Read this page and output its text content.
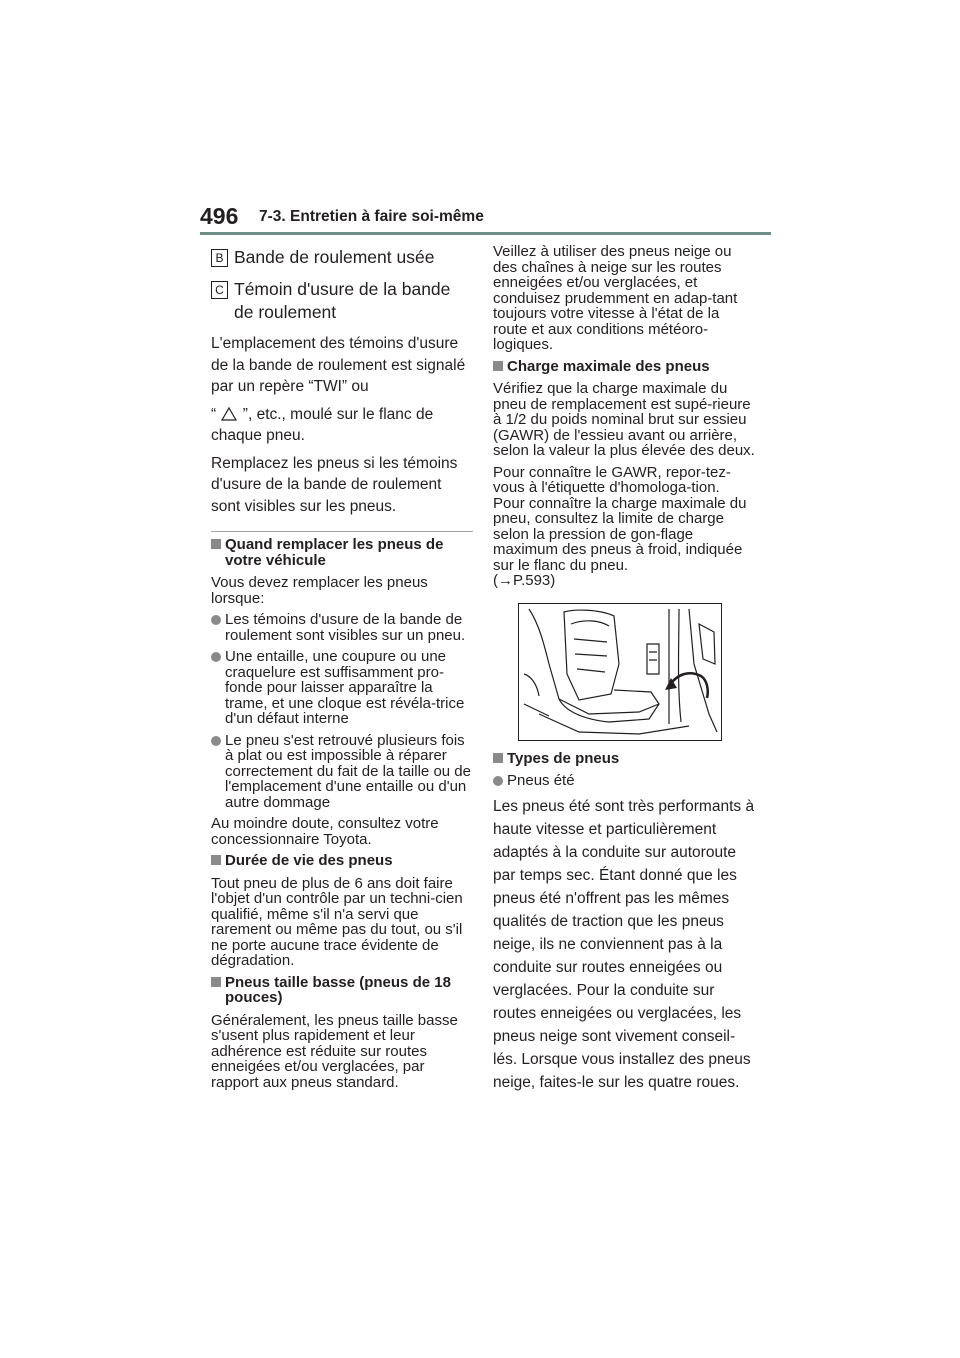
496 7-3. Entretien à faire soi-même
B Bande de roulement usée
C Témoin d'usure de la bande de roulement
L'emplacement des témoins d'usure de la bande de roulement est signalé par un repère “TWI” ou
“ ”, etc., moulé sur le flanc de chaque pneu.
Remplacez les pneus si les témoins d'usure de la bande de roulement sont visibles sur les pneus.
Quand remplacer les pneus de votre véhicule
Vous devez remplacer les pneus lorsque:
Les témoins d'usure de la bande de roulement sont visibles sur un pneu.
Une entaille, une coupure ou une craquelure est suffisamment pro-fonde pour laisser apparaître la trame, et une cloque est révéla-trice d'un défaut interne
Le pneu s'est retrouvé plusieurs fois à plat ou est impossible à réparer correctement du fait de la taille ou de l'emplacement d'une entaille ou d'un autre dommage
Au moindre doute, consultez votre concessionnaire Toyota.
Durée de vie des pneus
Tout pneu de plus de 6 ans doit faire l'objet d'un contrôle par un techni-cien qualifié, même s'il n'a servi que rarement ou même pas du tout, ou s'il ne porte aucune trace évidente de dégradation.
Pneus taille basse (pneus de 18 pouces)
Généralement, les pneus taille basse s'usent plus rapidement et leur adhérence est réduite sur routes enneigées et/ou verglacées, par rapport aux pneus standard.
Veillez à utiliser des pneus neige ou des chaînes à neige sur les routes enneigées et/ou verglacées, et conduisez prudemment en adap-tant toujours votre vitesse à l'état de la route et aux conditions météoro-logiques.
Charge maximale des pneus
Vérifiez que la charge maximale du pneu de remplacement est supé-rieure à 1/2 du poids nominal brut sur essieu (GAWR) de l'essieu avant ou arrière, selon la valeur la plus élevée des deux.
Pour connaître le GAWR, repor-tez-vous à l'étiquette d'homologa-tion.
Pour connaître la charge maximale du pneu, consultez la limite de charge selon la pression de gon-flage maximum des pneus à froid, indiquée sur le flanc du pneu.
(→P.593)
Types de pneus
Pneus été
Les pneus été sont très performants à haute vitesse et particulièrement adaptés à la conduite sur autoroute par temps sec. Étant donné que les pneus été n'offrent pas les mêmes qualités de traction que les pneus neige, ils ne conviennent pas à la conduite sur routes enneigées ou verglacées. Pour la conduite sur routes enneigées ou verglacées, les pneus neige sont vivement conseil-lés. Lorsque vous installez des pneus neige, faites-le sur les quatre roues.
